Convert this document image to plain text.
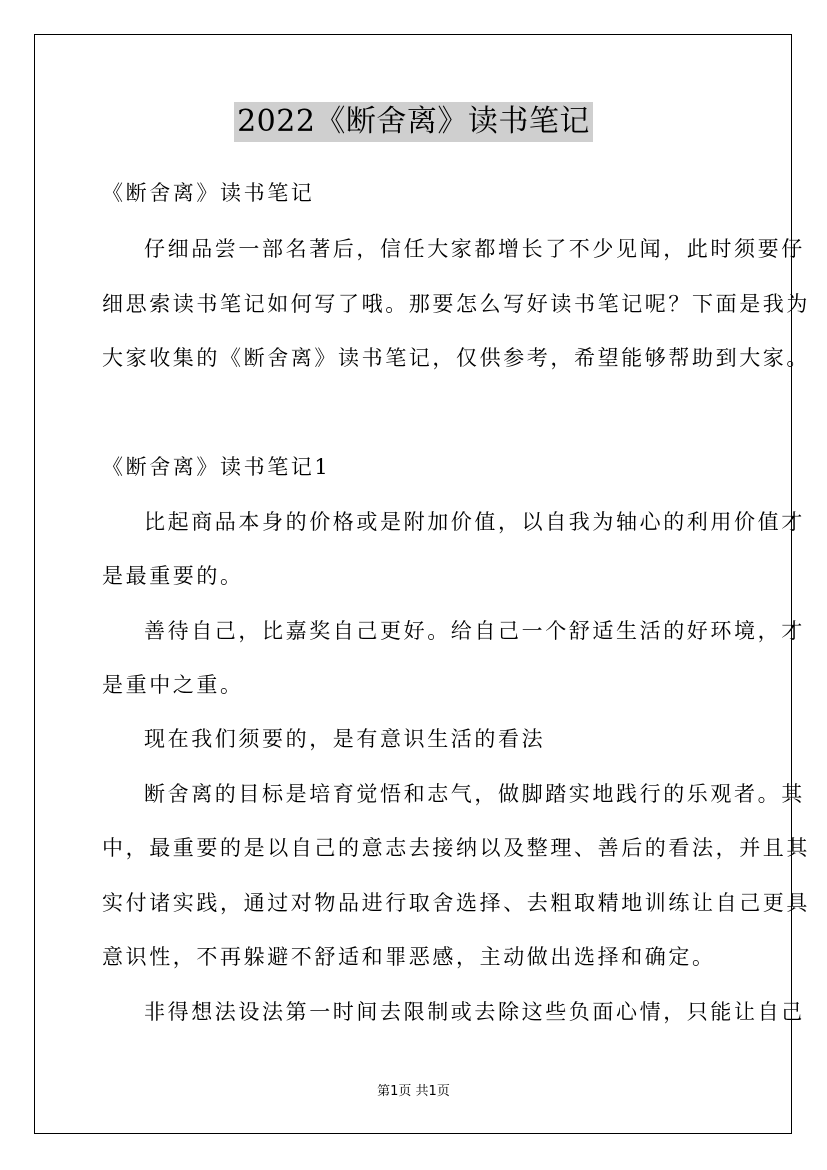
2022《断舍离》读书笔记
《断舍离》读书笔记
仔细品尝一部名著后，信任大家都增长了不少见闻，此时须要仔
细思索读书笔记如何写了哦。那要怎么写好读书笔记呢？下面是我为
大家收集的《断舍离》读书笔记，仅供参考，希望能够帮助到大家。
《断舍离》读书笔记1
比起商品本身的价格或是附加价值，以自我为轴心的利用价值才
是最重要的。
善待自己，比嘉奖自己更好。给自己一个舒适生活的好环境，才
是重中之重。
现在我们须要的，是有意识生活的看法
断舍离的目标是培育觉悟和志气，做脚踏实地践行的乐观者。其
中，最重要的是以自己的意志去接纳以及整理、善后的看法，并且其
实付诸实践，通过对物品进行取舍选择、去粗取精地训练让自己更具
意识性，不再躲避不舒适和罪恶感，主动做出选择和确定。
非得想法设法第一时间去限制或去除这些负面心情，只能让自己
第1页 共1页
